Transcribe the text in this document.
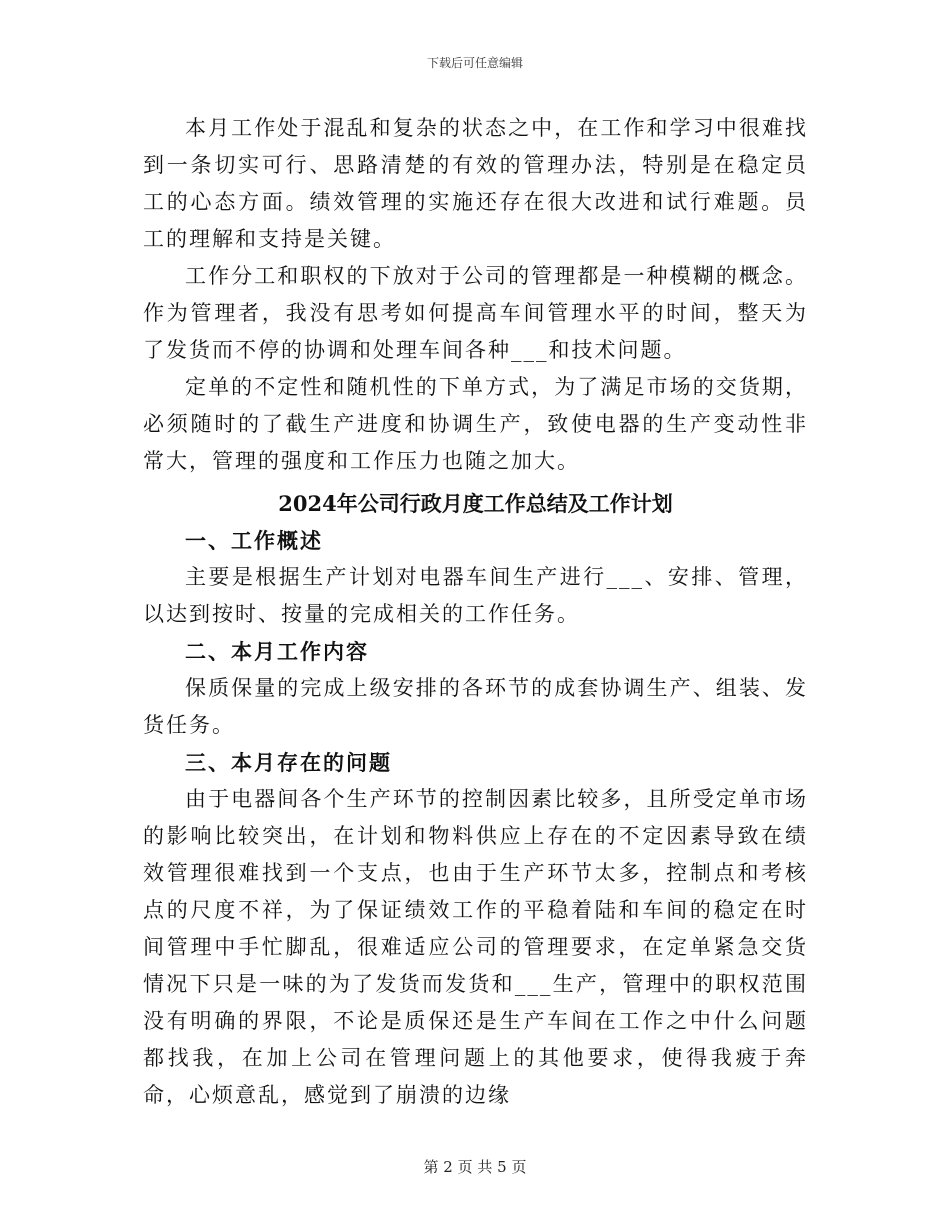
下载后可任意编辑

本月工作处于混乱和复杂的状态之中，在工作和学习中很难找到一条切实可行、思路清楚的有效的管理办法，特别是在稳定员工的心态方面。绩效管理的实施还存在很大改进和试行难题。员工的理解和支持是关键。

工作分工和职权的下放对于公司的管理都是一种模糊的概念。作为管理者，我没有思考如何提高车间管理水平的时间，整天为了发货而不停的协调和处理车间各种___和技术问题。

定单的不定性和随机性的下单方式，为了满足市场的交货期，必须随时的了截生产进度和协调生产，致使电器的生产变动性非常大，管理的强度和工作压力也随之加大。

2024年公司行政月度工作总结及工作计划

一、工作概述

主要是根据生产计划对电器车间生产进行___、安排、管理，以达到按时、按量的完成相关的工作任务。

二、本月工作内容

保质保量的完成上级安排的各环节的成套协调生产、组装、发货任务。

三、本月存在的问题

由于电器间各个生产环节的控制因素比较多，且所受定单市场的影响比较突出，在计划和物料供应上存在的不定因素导致在绩效管理很难找到一个支点，也由于生产环节太多，控制点和考核点的尺度不祥，为了保证绩效工作的平稳着陆和车间的稳定在时间管理中手忙脚乱，很难适应公司的管理要求，在定单紧急交货情况下只是一味的为了发货而发货和___生产，管理中的职权范围没有明确的界限，不论是质保还是生产车间在工作之中什么问题都找我，在加上公司在管理问题上的其他要求，使得我疲于奔命，心烦意乱，感觉到了崩溃的边缘

第 2 页 共 5 页
